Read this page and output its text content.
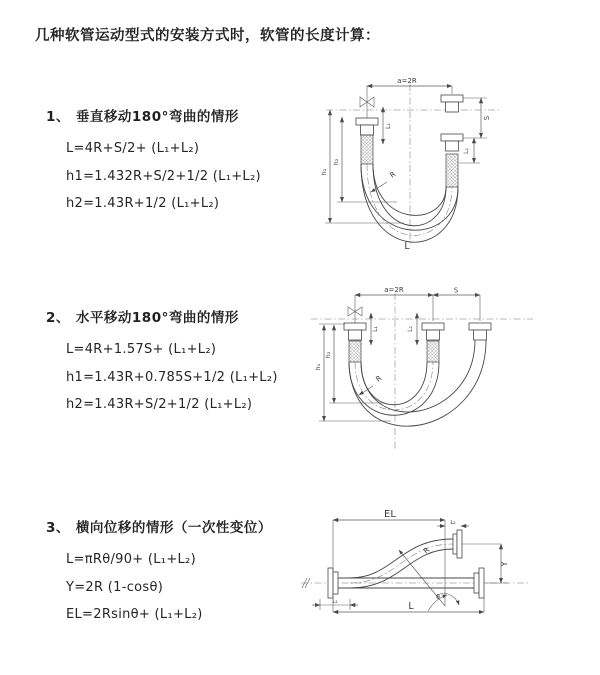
几种软管运动型式的安装方式时，软管的长度计算：
1、 垂直移动180°弯曲的情形
L=4R+S/2+ (L₁+L₂)
h1=1.432R+S/2+1/2 (L₁+L₂)
h2=1.43R+1/2 (L₁+L₂)
2、 水平移动180°弯曲的情形
L=4R+1.57S+ (L₁+L₂)
h1=1.43R+0.785S+1/2 (L₁+L₂)
h2=1.43R+S/2+1/2 (L₁+L₂)
3、 横向位移的情形（一次性变位）
L=πRθ/90+ (L₁+L₂)
Y=2R (1-cosθ)
EL=2Rsinθ+ (L₁+L₂)
a=2R
L₁
S
L₂
h₁
h₂
R
L
a=2R	S
L₁	L₂
h₁
h₂
R
EL
L₂
Y
R
θ
L
L₁
